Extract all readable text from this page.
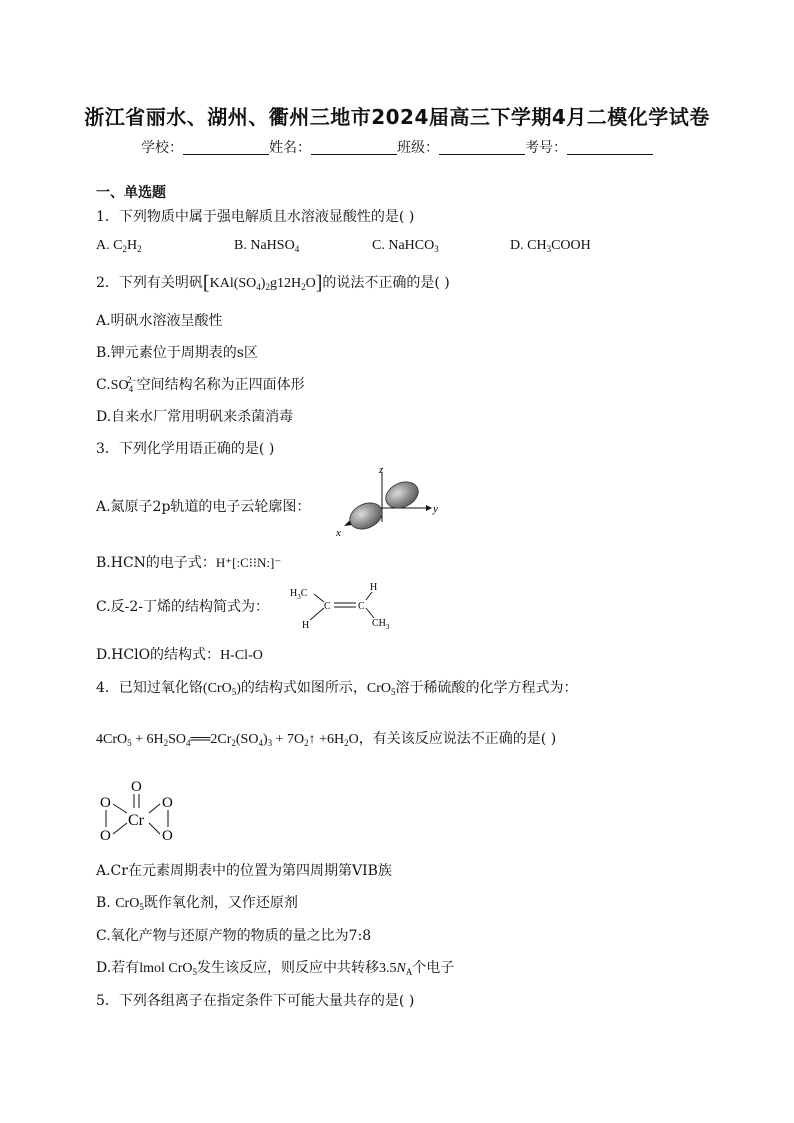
浙江省丽水、湖州、衢州三地市2024届高三下学期4月二模化学试卷
学校：	姓名：	班级：	考号：
一、单选题
1．下列物质中属于强电解质且水溶液显酸性的是( )
A. $C_2H_2$	B. NaHSO$_4$	C. NaHCO$_3$	D. $CH_3COOH$
2．下列有关明矾$[KAl(SO_4)_2g12H_2O]$的说法不正确的是( )
A.明矾水溶液呈酸性
B.钾元素位于周期表的s区
$C.SO_4^{2-}$空间结构名称为正四面体形
D.自来水厂常用明矾来杀菌消毒
3．下列化学用语正确的是( )
A.氮原子2p轨道的电子云轮廓图：
z
y
x
B.HCN的电子式：H⁺[:C⁝⁝N:]⁻
C.反-2-丁烯的结构简式为：
$H_3C$
H
C	C
H
$CH_3$
D.HClO的结构式：H-Cl-O
4．已知过氧化铬(CrO$_5$)的结构式如图所示，CrO$_5$溶于稀硫酸的化学方程式为：
$4CrO_5 + 6H_2SO_4══2Cr_2(SO_4)_3$ + $7O_2↑ +6H_2O$，有关该反应说法不正确的是( )
O
Cr
O
O
O
O
A.Cr在元素周期表中的位置为第四周期第VIB族
B. CrO$_5$既作氧化剂，又作还原剂
C.氧化产物与还原产物的物质的量之比为7:8
D.若有lmol CrO$_5$发生该反应，则反应中共转移$3.5N_A$个电子
5．下列各组离子在指定条件下可能大量共存的是( )
